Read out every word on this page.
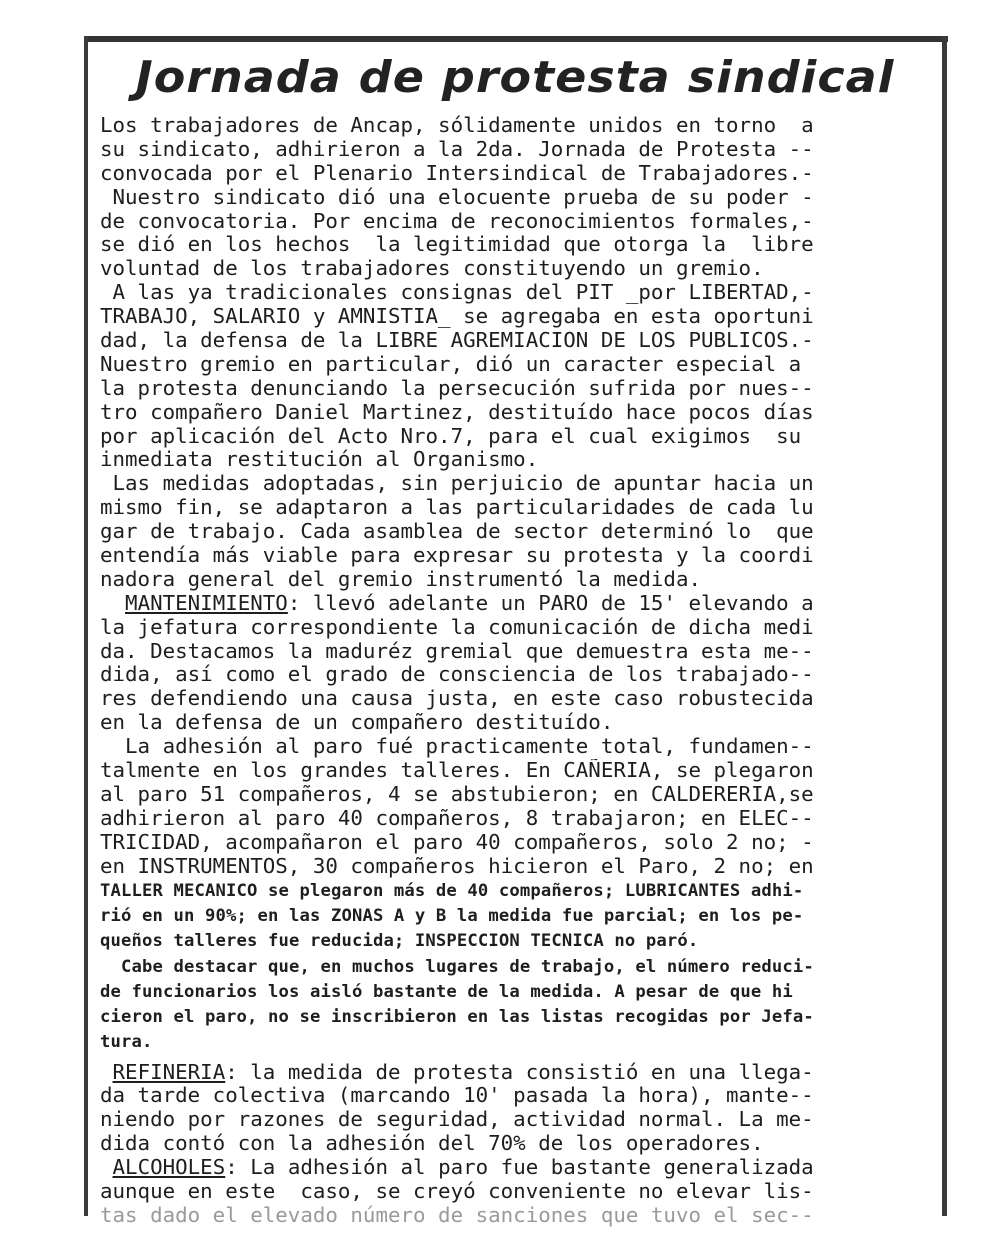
Jornada de protesta sindical

Los trabajadores de Ancap, sólidamente unidos en torno  a
su sindicato, adhirieron a la 2da. Jornada de Protesta --
convocada por el Plenario Intersindical de Trabajadores.-

Nuestro sindicato dió una elocuente prueba de su poder -
de convocatoria. Por encima de reconocimientos formales,-
se dió en los hechos  la legitimidad que otorga la  libre
voluntad de los trabajadores constituyendo un gremio.

A las ya tradicionales consignas del PIT _por LIBERTAD,-
TRABAJO, SALARIO y AMNISTIA_ se agregaba en esta oportuni
dad, la defensa de la LIBRE AGREMIACION DE LOS PUBLICOS.-
Nuestro gremio en particular, dió un caracter especial a
la protesta denunciando la persecución sufrida por nues--
tro compañero Daniel Martinez, destituído hace pocos días
por aplicación del Acto Nro.7, para el cual exigimos  su
inmediata restitución al Organismo.

Las medidas adoptadas, sin perjuicio de apuntar hacia un
mismo fin, se adaptaron a las particularidades de cada lu
gar de trabajo. Cada asamblea de sector determinó lo  que
entendía más viable para expresar su protesta y la coordi
nadora general del gremio instrumentó la medida.

MANTENIMIENTO: llevó adelante un PARO de 15' elevando a
la jefatura correspondiente la comunicación de dicha medi
da. Destacamos la maduréz gremial que demuestra esta me--
dida, así como el grado de consciencia de los trabajado--
res defendiendo una causa justa, en este caso robustecida
en la defensa de un compañero destituído.

La adhesión al paro fué practicamente total, fundamen--
talmente en los grandes talleres. En CAÑERIA, se plegaron
al paro 51 compañeros, 4 se abstubieron; en CALDERERIA,se
adhirieron al paro 40 compañeros, 8 trabajaron; en ELEC--
TRICIDAD, acompañaron el paro 40 compañeros, solo 2 no; -
en INSTRUMENTOS, 30 compañeros hicieron el Paro, 2 no; en
TALLER MECANICO se plegaron más de 40 compañeros; LUBRICANTES adhi-
rió en un 90%; en las ZONAS A y B la medida fue parcial; en los pe-
queños talleres fue reducida; INSPECCION TECNICA no paró.

Cabe destacar que, en muchos lugares de trabajo, el número reduci-
de funcionarios los aisló bastante de la medida. A pesar de que hi
cieron el paro, no se inscribieron en las listas recogidas por Jefa-
tura.

REFINERIA: la medida de protesta consistió en una llega-
da tarde colectiva (marcando 10' pasada la hora), mante--
niendo por razones de seguridad, actividad normal. La me-
dida contó con la adhesión del 70% de los operadores.

ALCOHOLES: La adhesión al paro fue bastante generalizada
aunque en este  caso, se creyó conveniente no elevar lis-
tas dado el elevado número de sanciones que tuvo el sec--
